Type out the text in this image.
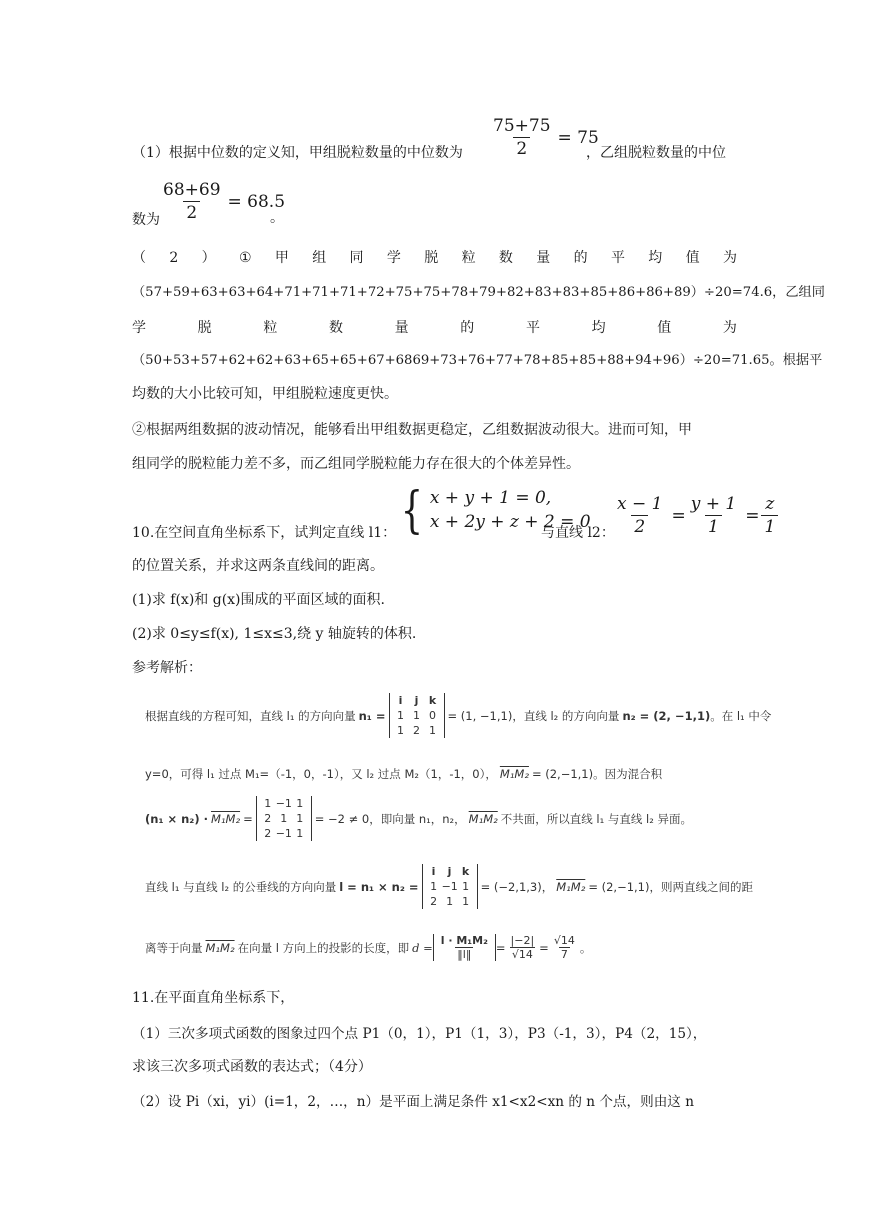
$\frac{75+75}{2} = 75$
（1）根据中位数的定义知，甲组脱粒数量的中位数为	，乙组脱粒数量的中位
$\frac{68+69}{2} = 68.5$
数为	。
（ 2 ） ① 甲 组 同 学 脱 粒 数 量 的 平 均 值 为
（57+59+63+63+64+71+71+71+72+75+75+78+79+82+83+83+85+86+86+89）÷20=74.6，乙组同
学	脱	粒	数	量	的	平	均	值	为
（50+53+57+62+62+63+65+65+67+6869+73+76+77+78+85+85+88+94+96）÷20=71.65。根据平
均数的大小比较可知，甲组脱粒速度更快。
②根据两组数据的波动情况，能够看出甲组数据更稳定，乙组数据波动很大。进而可知，甲
组同学的脱粒能力差不多，而乙组同学脱粒能力存在很大的个体差异性。
10.在空间直角坐标系下，试判定直线 l1： { x + y + 1 = 0,
x + 2y + z + 2 = 0
与直线 l2： $\frac{x - 1}{2} = \frac{y + 1}{1} = \frac{z}{1}$
的位置关系，并求这两条直线间的距离。
(1)求 f(x)和 g(x)围成的平面区域的面积.
(2)求 0≤y≤f(x), 1≤x≤3,绕 y 轴旋转的体积.
参考解析：
根据直线的方程可知，直线 l₁ 的方向向量 n₁ =
i	j k
1 1 0
1 2 1
= (1, −1,1)，直线 l₂ 的方向向量 n₂ = (2, −1,1) 。在 l₁ 中令
y=0，可得 l₁ 过点 M₁=（-1，0，-1），又 l₂ 过点 M₂（1，-1，0）， M₁M₂ = (2,−1,1)。因为混合积
(n₁ × n₂) · M₁M₂ =
1 −1 1
2 1 1
2 −1 1
= −2 ≠ 0，即向量 n₁，n₂， M₁M₂ 不共面，所以直线 l₁ 与直线 l₂ 异面。
直线 l₁ 与直线 l₂ 的公垂线的方向向量 l = n₁ × n₂ =
i	j k
1 −1 1
2 1 1
= (−2,1,3)， M₁M₂ = (2,−1,1)，则两直线之间的距
离等于向量 M₁M₂ 在向量 l 方向上的投影的长度，即 $d = \frac{\text{l · M₁M₂}}{‖l‖} = \frac{|-2|}{√14} = \frac{√14}{7}$ 。
11.在平面直角坐标系下，
（1）三次多项式函数的图象过四个点 P1（0，1），P1（1，3），P3（-1，3），P4（2，15），
求该三次多项式函数的表达式；（4分）
（2）设 Pi（xi，yi）(i=1，2，…，n）是平面上满足条件 x1<x2<xn 的 n 个点，则由这 n
